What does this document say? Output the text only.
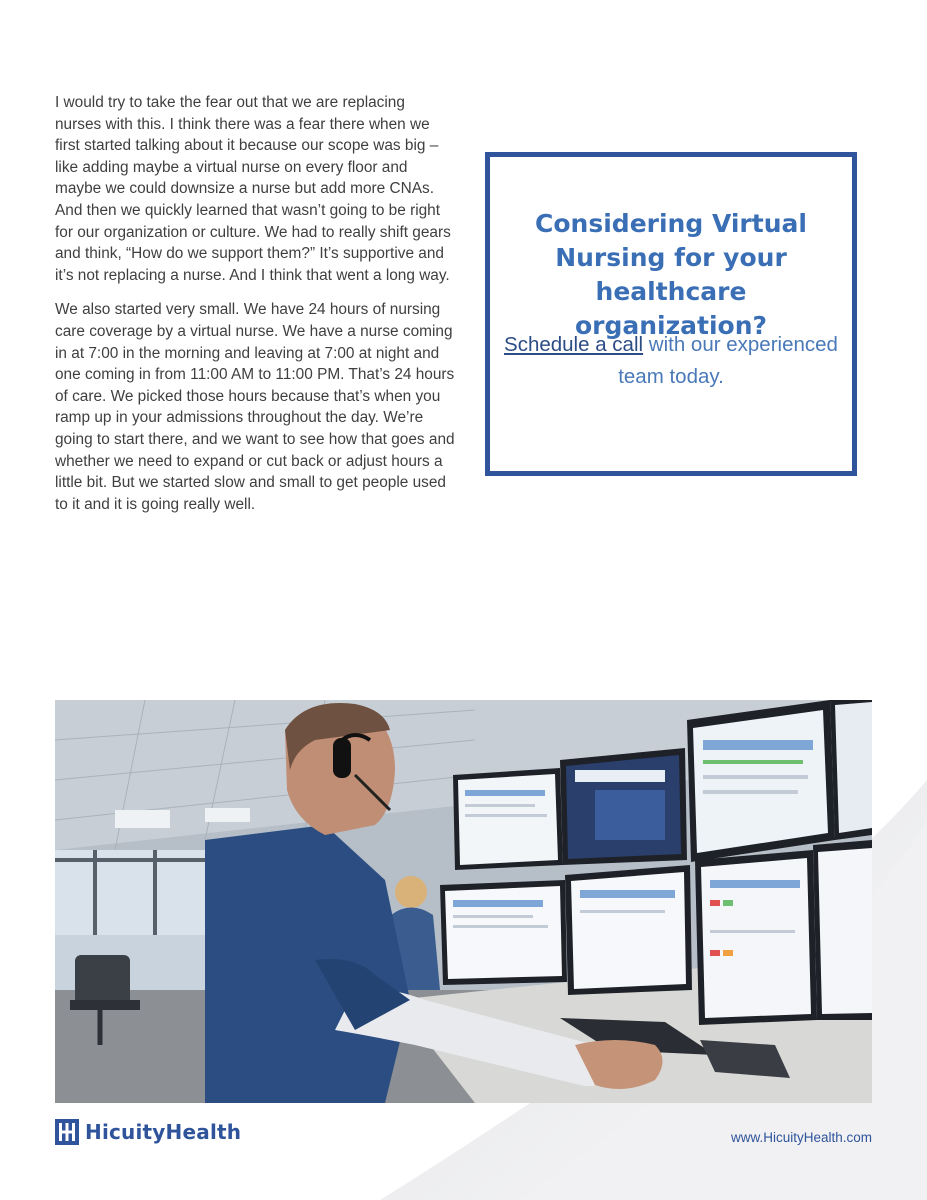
I would try to take the fear out that we are replacing nurses with this. I think there was a fear there when we first started talking about it because our scope was big – like adding maybe a virtual nurse on every floor and maybe we could downsize a nurse but add more CNAs. And then we quickly learned that wasn’t going to be right for our organization or culture. We had to really shift gears and think, “How do we support them?” It’s supportive and it’s not replacing a nurse. And I think that went a long way.

We also started very small. We have 24 hours of nursing care coverage by a virtual nurse. We have a nurse coming in at 7:00 in the morning and leaving at 7:00 at night and one coming in from 11:00 AM to 11:00 PM. That’s 24 hours of care. We picked those hours because that’s when you ramp up in your admissions throughout the day. We’re going to start there, and we want to see how that goes and whether we need to expand or cut back or adjust hours a little bit. But we started slow and small to get people used to it and it is going really well.

Considering Virtual Nursing for your healthcare organization?

Schedule a call with our experienced team today.

HicuityHealth	www.HicuityHealth.com
